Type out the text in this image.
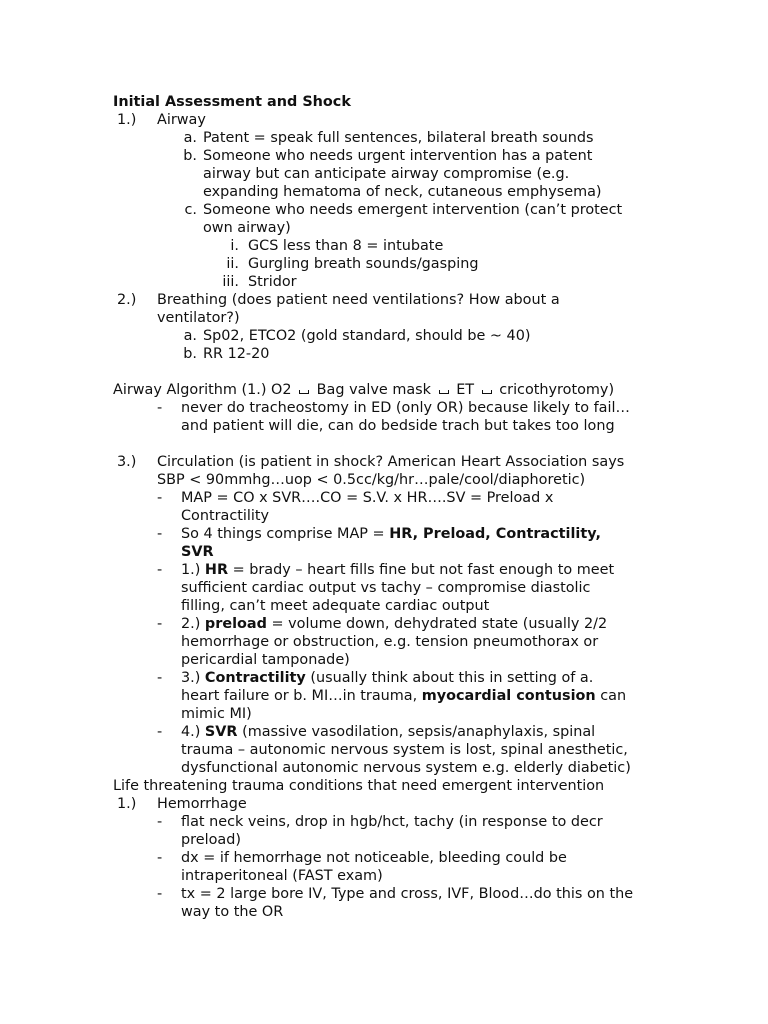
Initial Assessment and Shock
1.)	Airway
a. Patent = speak full sentences, bilateral breath sounds
b. Someone who needs urgent intervention has a patent
airway but can anticipate airway compromise (e.g.
expanding hematoma of neck, cutaneous emphysema)
c. Someone who needs emergent intervention (can’t protect
own airway)
i. GCS less than 8 = intubate
ii. Gurgling breath sounds/gasping
iii. Stridor
2.)	Breathing (does patient need ventilations? How about a
ventilator?)
a. Sp02, ETCO2 (gold standard, should be ~ 40)
b. RR 12-20
Airway Algorithm (1.) O2 Bag valve mask ET cricothyrotomy)
-	never do tracheostomy in ED (only OR) because likely to fail…
and patient will die, can do bedside trach but takes too long
3.)	Circulation (is patient in shock? American Heart Association says
SBP < 90mmhg…uop < 0.5cc/kg/hr…pale/cool/diaphoretic)
-	MAP = CO x SVR….CO = S.V. x HR….SV = Preload x
Contractility
-	So 4 things comprise MAP = HR, Preload, Contractility,
SVR
-	1.) HR = brady – heart fills fine but not fast enough to meet
sufficient cardiac output vs tachy – compromise diastolic
filling, can’t meet adequate cardiac output
-	2.) preload = volume down, dehydrated state (usually 2/2
hemorrhage or obstruction, e.g. tension pneumothorax or
pericardial tamponade)
-	3.) Contractility (usually think about this in setting of a.
heart failure or b. MI…in trauma, myocardial contusion can
mimic MI)
-	4.) SVR (massive vasodilation, sepsis/anaphylaxis, spinal
trauma – autonomic nervous system is lost, spinal anesthetic,
dysfunctional autonomic nervous system e.g. elderly diabetic)
Life threatening trauma conditions that need emergent intervention
1.)	Hemorrhage
-	flat neck veins, drop in hgb/hct, tachy (in response to decr
preload)
-	dx = if hemorrhage not noticeable, bleeding could be
intraperitoneal (FAST exam)
-	tx = 2 large bore IV, Type and cross, IVF, Blood…do this on the
way to the OR
